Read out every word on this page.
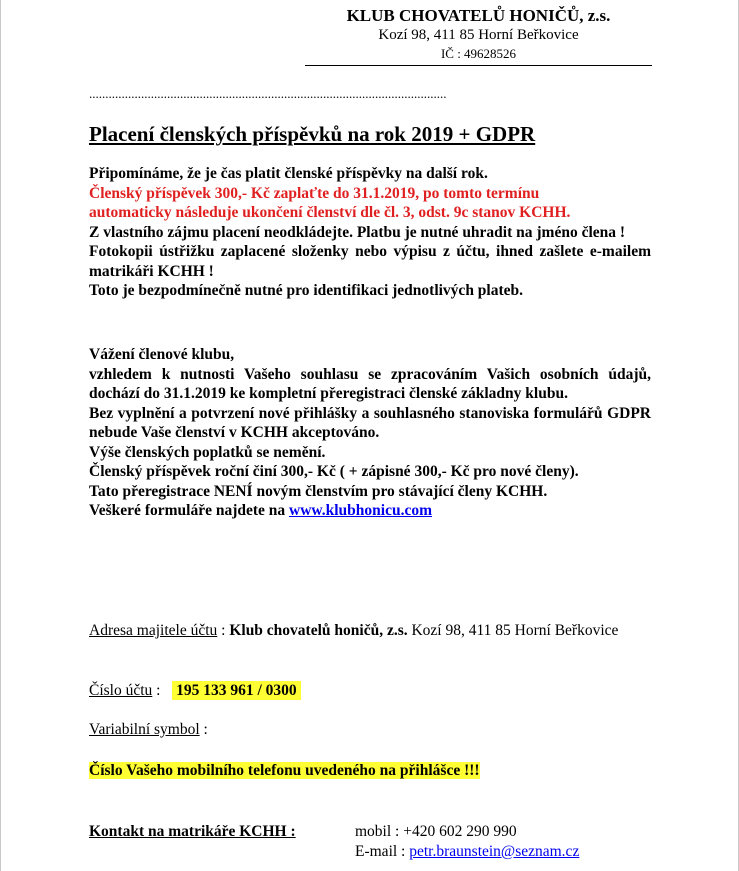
KLUB CHOVATELŮ HONIČŮ, z.s.
Kozí 98, 411 85 Horní Beřkovice
IČ : 49628526
..............................................................................................................
Placení členských příspěvků na rok 2019 + GDPR
Připomínáme, že je čas platit členské příspěvky na další rok.
Členský příspěvek 300,- Kč zaplaťte do 31.1.2019, po tomto termínu
automaticky následuje ukončení členství dle čl. 3, odst. 9c stanov KCHH.
Z vlastního zájmu placení neodkládejte. Platbu je nutné uhradit na jméno člena !
Fotokopii ústřižku zaplacené složenky nebo výpisu z účtu, ihned zašlete e-mailem matrikáři KCHH !
Toto je bezpodmínečně nutné pro identifikaci jednotlivých plateb.
Vážení členové klubu,
vzhledem k nutnosti Vašeho souhlasu se zpracováním Vašich osobních údajů, dochází do 31.1.2019 ke kompletní přeregistraci členské základny klubu.
Bez vyplnění a potvrzení nové přihlášky a souhlasného stanoviska formulářů GDPR nebude Vaše členství v KCHH akceptováno.
Výše členských poplatků se nemění.
Členský příspěvek roční činí 300,- Kč ( + zápisné 300,- Kč pro nové členy).
Tato přeregistrace NENÍ novým členstvím pro stávající členy KCHH.
Veškeré formuláře najdete na www.klubhonicu.com
Adresa majitele účtu : Klub chovatelů honičů, z.s. Kozí 98, 411 85 Horní Beřkovice
Číslo účtu :   195 133 961 / 0300
Variabilní symbol :
Číslo Vašeho mobilního telefonu uvedeného na přihlášce !!!
Kontakt na matrikáře KCHH :	mobil : +420 602 290 990
E-mail : petr.braunstein@seznam.cz
